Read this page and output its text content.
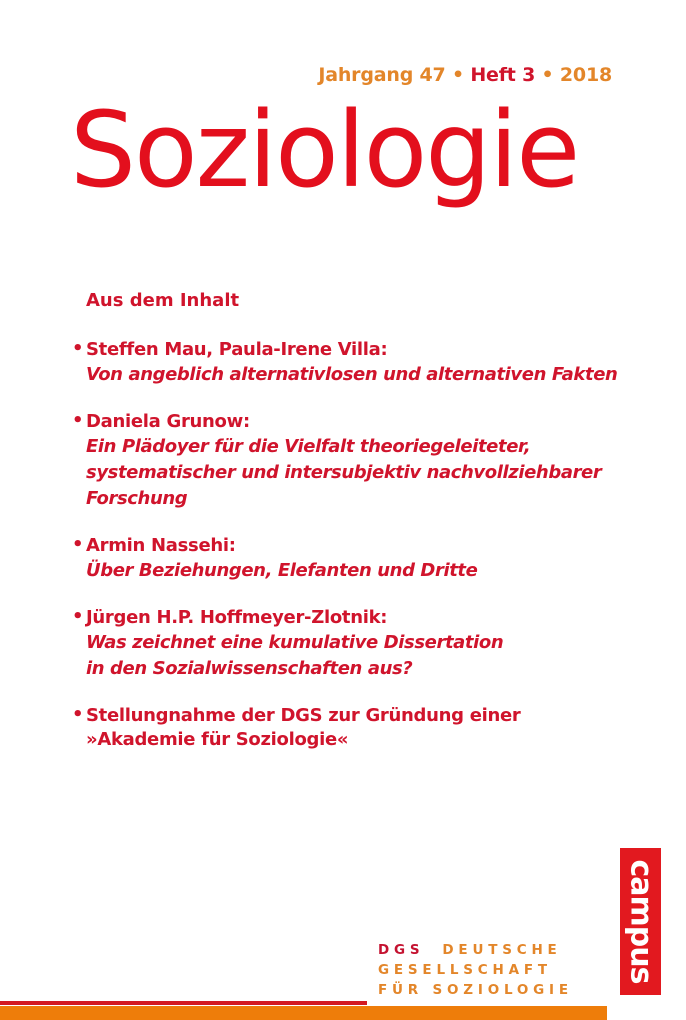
Jahrgang 47 • Heft 3 • 2018
Soziologie
Aus dem Inhalt
• Steffen Mau, Paula-Irene Villa:
Von angeblich alternativlosen und alternativen Fakten
• Daniela Grunow:
Ein Plädoyer für die Vielfalt theoriegeleiteter,
systematischer und intersubjektiv nachvollziehbarer
Forschung
• Armin Nassehi:
Über Beziehungen, Elefanten und Dritte
• Jürgen H.P. Hoffmeyer-Zlotnik:
Was zeichnet eine kumulative Dissertation
in den Sozialwissenschaften aus?
• Stellungnahme der DGS zur Gründung einer
»Akademie für Soziologie«
DGS DEUTSCHE
GESELLSCHAFT
FÜR SOZIOLOGIE
campus
